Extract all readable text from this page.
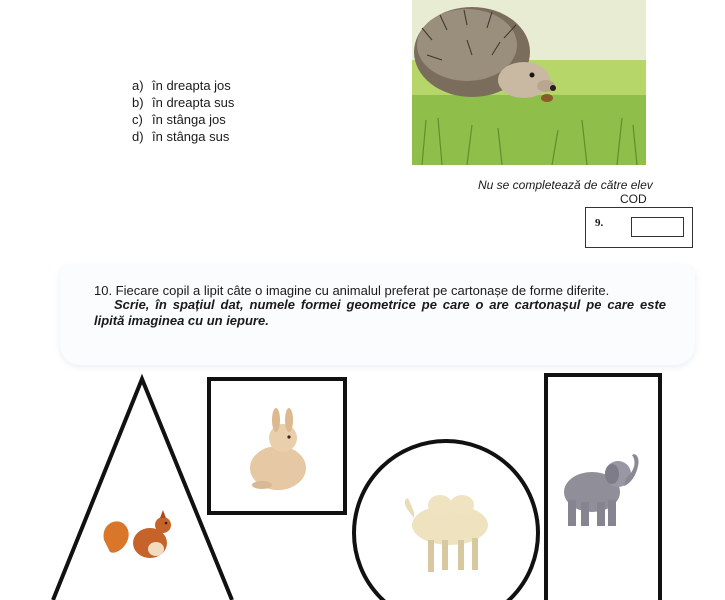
a) în dreapta jos
b) în dreapta sus
c) în stânga jos
d) în stânga sus
Nu se completează de către elev
COD
9.
10. Fiecare copil a lipit câte o imagine cu animalul preferat pe cartonașe de forme diferite.
Scrie, în spațiul dat, numele formei geometrice pe care o are cartonașul pe care este lipită imaginea cu un iepure.
